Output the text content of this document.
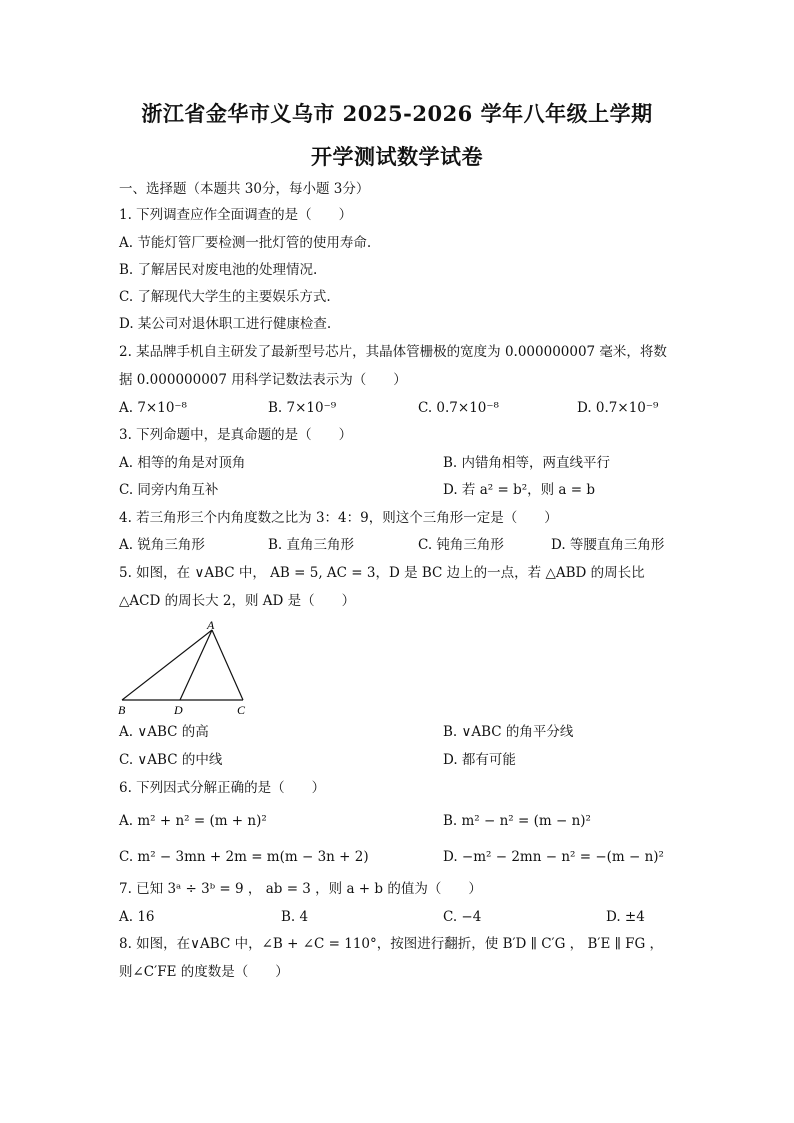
浙江省金华市义乌市 2025-2026 学年八年级上学期
开学测试数学试卷
一、选择题（本题共 30分，每小题 3分）
1. 下列调查应作全面调查的是（　　）
A. 节能灯管厂要检测一批灯管的使用寿命.
B. 了解居民对废电池的处理情况.
C. 了解现代大学生的主要娱乐方式.
D. 某公司对退休职工进行健康检查.
2. 某品牌手机自主研发了最新型号芯片，其晶体管栅极的宽度为 0.000000007 毫米，将数
据 0.000000007 用科学记数法表示为（　　）
A. 7×10⁻⁸	B. 7×10⁻⁹	C. 0.7×10⁻⁸	D. 0.7×10⁻⁹
3. 下列命题中，是真命题的是（　　）
A. 相等的角是对顶角	B. 内错角相等，两直线平行
C. 同旁内角互补	D. 若 a² = b²，则 a = b
4. 若三角形三个内角度数之比为 3：4：9，则这个三角形一定是（　　）
A. 锐角三角形	B. 直角三角形	C. 钝角三角形	D. 等腰直角三角形
5. 如图，在 ∨ABC 中， AB = 5, AC = 3，D 是 BC 边上的一点，若 △ABD 的周长比
△ACD 的周长大 2，则 AD 是（　　）
A
B	C
D
A. ∨ABC 的高	B. ∨ABC 的角平分线
C. ∨ABC 的中线	D. 都有可能
6. 下列因式分解正确的是（　　）
A. m² + n² = (m + n)²	B. m² − n² = (m − n)²
C. m² − 3mn + 2m = m(m − 3n + 2)	D. −m² − 2mn − n² = −(m − n)²
7. 已知 3ᵃ ÷ 3ᵇ = 9 ， ab = 3 ，则 a + b 的值为（　　）
A. 16	B. 4	C. −4	D. ±4
8. 如图，在∨ABC 中，∠B + ∠C = 110°，按图进行翻折，使 B′D ∥ C′G ， B′E ∥ FG ，
则∠C′FE 的度数是（　　）
